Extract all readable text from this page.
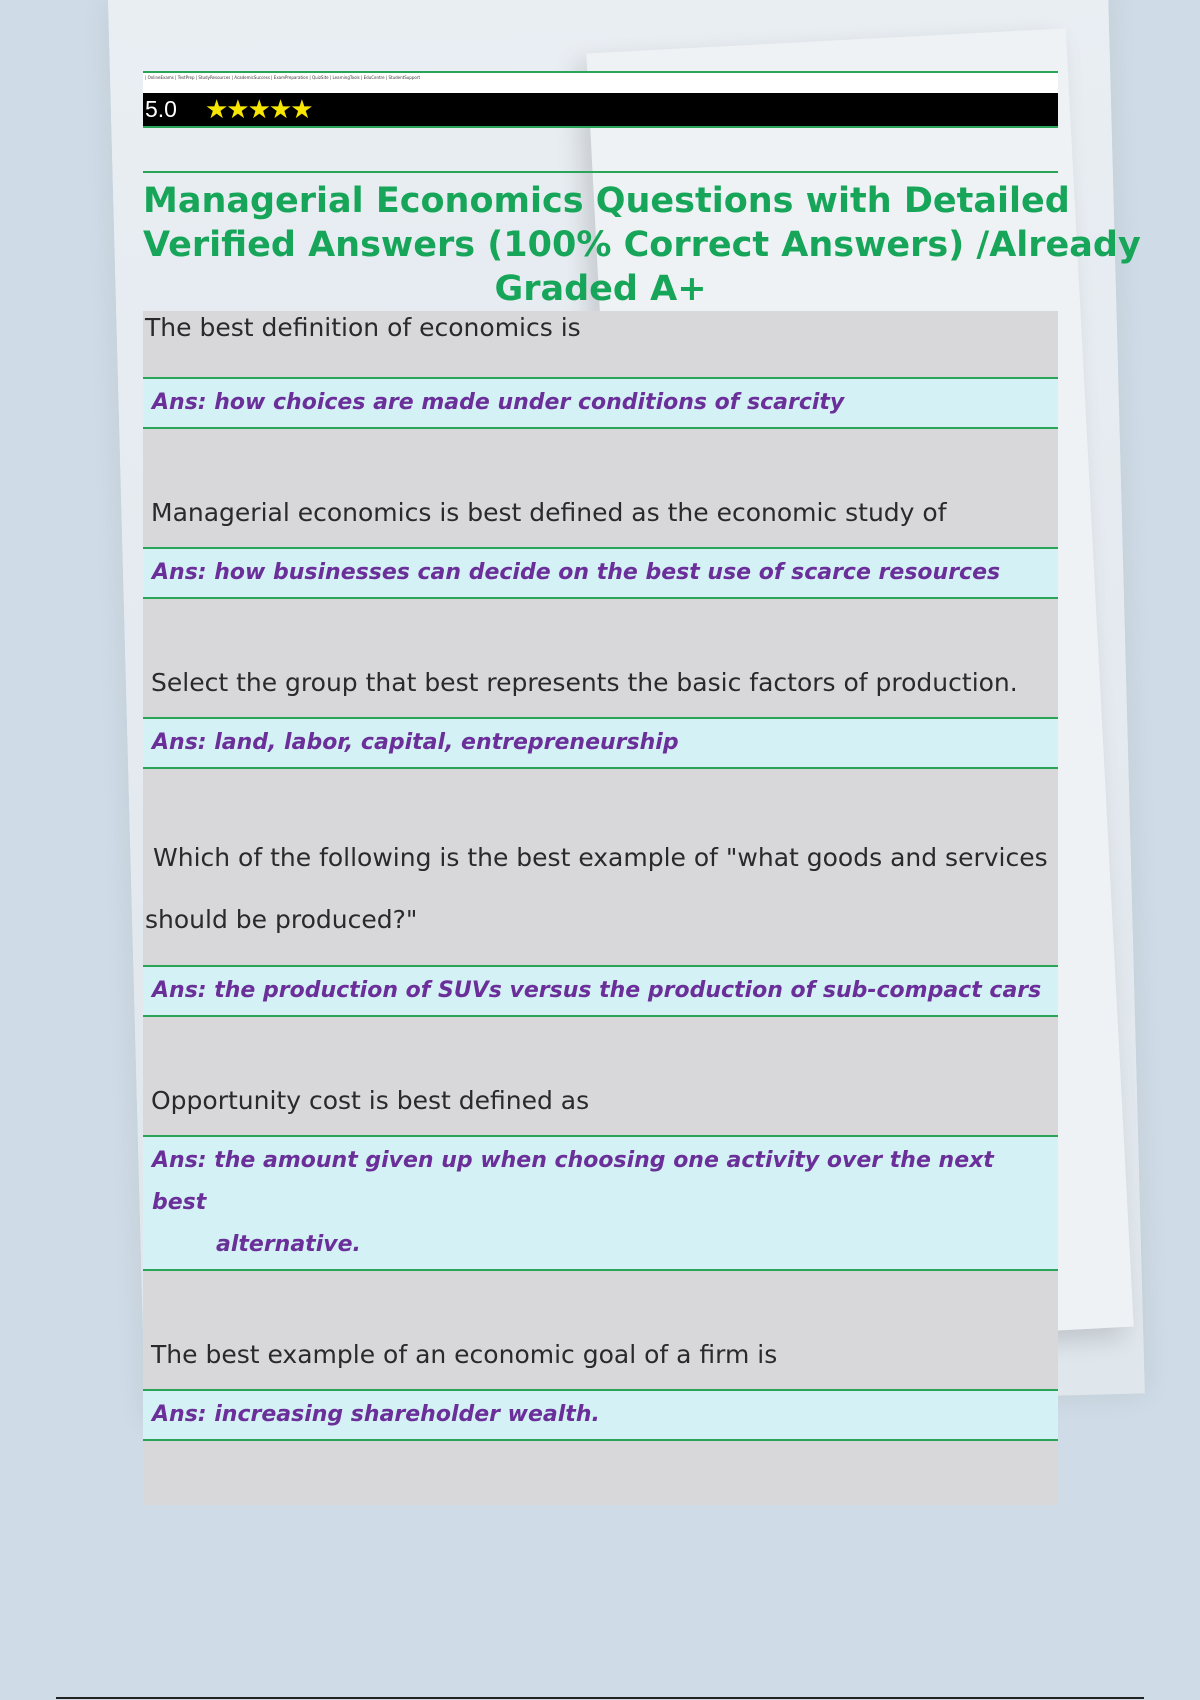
| OnlineExams | TestPrep | StudyResources | AcademicSuccess | ExamPreparation | QuizSite | LearningTools | EduCentre | StudentSupport
5.0 ★★★★★
Managerial Economics Questions with Detailed
Verified Answers (100% Correct Answers) /Already
Graded A+
The best definition of economics is
Ans: how choices are made under conditions of scarcity
Managerial economics is best defined as the economic study of
Ans: how businesses can decide on the best use of scarce resources
Select the group that best represents the basic factors of production.
Ans: land, labor, capital, entrepreneurship
Which of the following is the best example of "what goods and services
should be produced?"
Ans: the production of SUVs versus the production of sub-compact cars
Opportunity cost is best defined as
Ans: the amount given up when choosing one activity over the next best
alternative.
The best example of an economic goal of a firm is
Ans: increasing shareholder wealth.
